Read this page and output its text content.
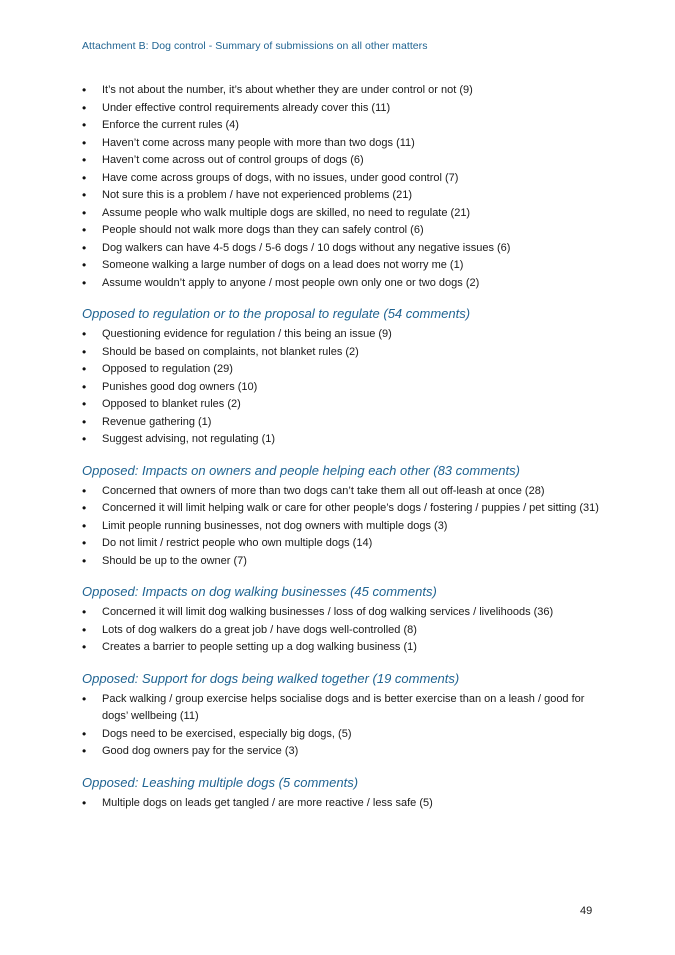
Attachment B: Dog control - Summary of submissions on all other matters
• It’s not about the number, it’s about whether they are under control or not (9)
• Under effective control requirements already cover this (11)
• Enforce the current rules (4)
• Haven’t come across many people with more than two dogs (11)
• Haven’t come across out of control groups of dogs (6)
• Have come across groups of dogs, with no issues, under good control (7)
• Not sure this is a problem / have not experienced problems (21)
• Assume people who walk multiple dogs are skilled, no need to regulate (21)
• People should not walk more dogs than they can safely control (6)
• Dog walkers can have 4-5 dogs / 5-6 dogs / 10 dogs without any negative issues (6)
• Someone walking a large number of dogs on a lead does not worry me (1)
• Assume wouldn’t apply to anyone / most people own only one or two dogs (2)
Opposed to regulation or to the proposal to regulate (54 comments)
• Questioning evidence for regulation / this being an issue (9)
• Should be based on complaints, not blanket rules (2)
• Opposed to regulation (29)
• Punishes good dog owners (10)
• Opposed to blanket rules (2)
• Revenue gathering (1)
• Suggest advising, not regulating (1)
Opposed: Impacts on owners and people helping each other (83 comments)
• Concerned that owners of more than two dogs can’t take them all out off-leash at once (28)
• Concerned it will limit helping walk or care for other people’s dogs / fostering / puppies / pet sitting (31)
• Limit people running businesses, not dog owners with multiple dogs (3)
• Do not limit / restrict people who own multiple dogs (14)
• Should be up to the owner (7)
Opposed: Impacts on dog walking businesses (45 comments)
• Concerned it will limit dog walking businesses / loss of dog walking services / livelihoods (36)
• Lots of dog walkers do a great job / have dogs well-controlled (8)
• Creates a barrier to people setting up a dog walking business (1)
Opposed: Support for dogs being walked together (19 comments)
• Pack walking / group exercise helps socialise dogs and is better exercise than on a leash / good for dogs’ wellbeing (11)
• Dogs need to be exercised, especially big dogs, (5)
• Good dog owners pay for the service (3)
Opposed: Leashing multiple dogs (5 comments)
• Multiple dogs on leads get tangled / are more reactive / less safe (5)
49
